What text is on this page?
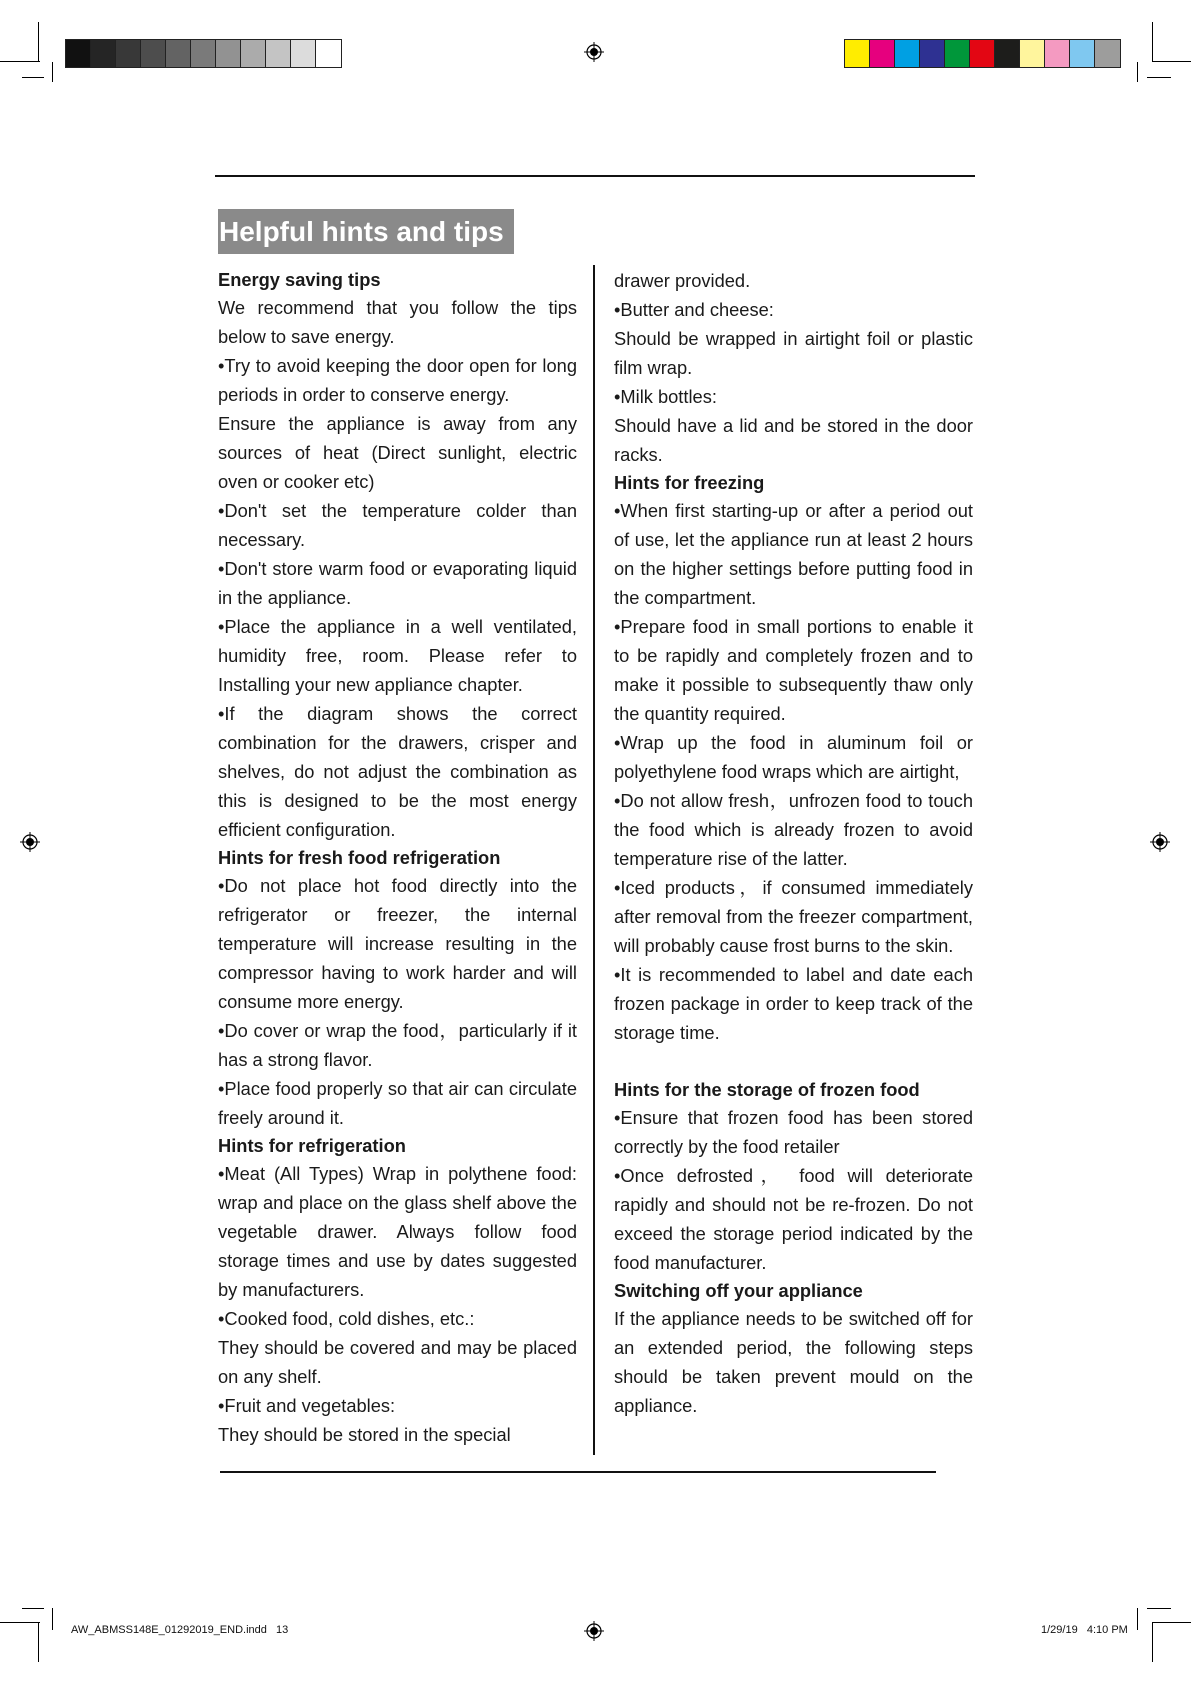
AW_ABMSS148E_01292019_END.indd   13	1/29/19   4:10 PM
Helpful hints and tips
Energy saving tips

We recommend that you follow the tips below to save energy.

•Try to avoid keeping the door open for long periods in order to conserve energy.

Ensure the appliance is away from any sources of heat (Direct sunlight, electric oven or cooker etc)

•Don't set the temperature colder than necessary.

•Don't store warm food or evaporating liquid in the appliance.

•Place the appliance in a well ventilated, humidity free, room. Please refer to Installing your new appliance chapter.

•If the diagram shows the correct combination for the drawers, crisper and shelves, do not adjust the combination as this is designed to be the most energy efficient configuration.

Hints for fresh food refrigeration

•Do not place hot food directly into the refrigerator or freezer, the internal temperature will increase resulting in the compressor having to work harder and will consume more energy.

•Do cover or wrap the food，particularly if it has a strong flavor.

•Place food properly so that air can circulate freely around it.

Hints for refrigeration

•Meat (All Types) Wrap in polythene food: wrap and place on the glass shelf above the vegetable drawer. Always follow food storage times and use by dates suggested by manufacturers.

•Cooked food, cold dishes, etc.:

They should be covered and may be placed on any shelf.

•Fruit and vegetables:

They should be stored in the special

drawer provided.

•Butter and cheese:

Should be wrapped in airtight foil or plastic film wrap.

•Milk bottles:

Should have a lid and be stored in the door racks.

Hints for freezing

•When first starting-up or after a period out of use, let the appliance run at least 2 hours on the higher settings before putting food in the compartment.

•Prepare food in small portions to enable it to be rapidly and completely frozen and to make it possible to subsequently thaw only the quantity required.

•Wrap up the food in aluminum foil or polyethylene food wraps which are airtight,

•Do not allow fresh，unfrozen food to touch the food which is already frozen to avoid temperature rise of the latter.

•Iced products，if consumed immediately after removal from the freezer compartment, will probably cause frost burns to the skin.

•It is recommended to label and date each frozen package in order to keep track of the storage time.

Hints for the storage of frozen food

•Ensure that frozen food has been stored correctly by the food retailer

•Once defrosted， food will deteriorate rapidly and should not be re-frozen. Do not exceed the storage period indicated by the food manufacturer.

Switching off your appliance

If the appliance needs to be switched off for an extended period, the following steps should be taken prevent mould on the appliance.
